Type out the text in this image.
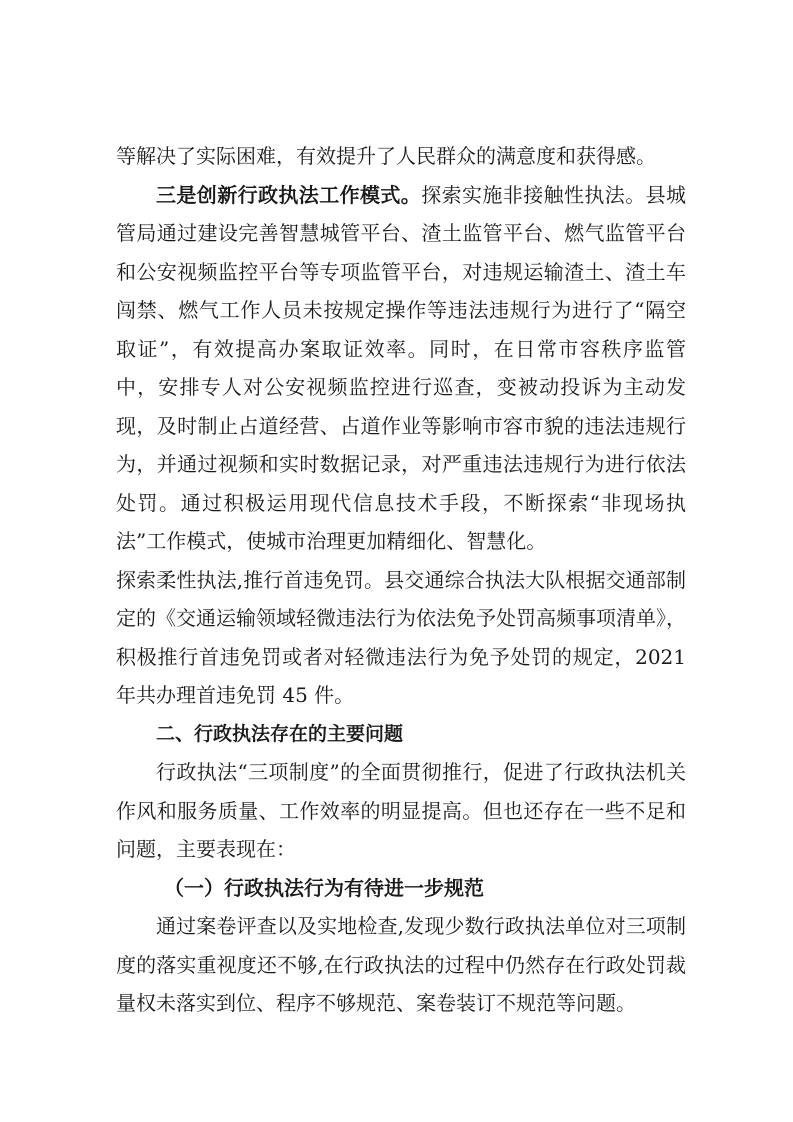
等解决了实际困难，有效提升了人民群众的满意度和获得感。

三是创新行政执法工作模式。探索实施非接触性执法。县城管局通过建设完善智慧城管平台、渣土监管平台、燃气监管平台和公安视频监控平台等专项监管平台，对违规运输渣土、渣土车闯禁、燃气工作人员未按规定操作等违法违规行为进行了“隔空取证”，有效提高办案取证效率。同时，在日常市容秩序监管中，安排专人对公安视频监控进行巡查，变被动投诉为主动发现，及时制止占道经营、占道作业等影响市容市貌的违法违规行为，并通过视频和实时数据记录，对严重违法违规行为进行依法处罚。通过积极运用现代信息技术手段，不断探索“非现场执法”工作模式，使城市治理更加精细化、智慧化。

探索柔性执法,推行首违免罚。县交通综合执法大队根据交通部制定的《交通运输领域轻微违法行为依法免予处罚高频事项清单》，积极推行首违免罚或者对轻微违法行为免予处罚的规定，2021 年共办理首违免罚 45 件。

二、行政执法存在的主要问题

行政执法“三项制度”的全面贯彻推行，促进了行政执法机关作风和服务质量、工作效率的明显提高。但也还存在一些不足和问题，主要表现在：

（一）行政执法行为有待进一步规范

通过案卷评查以及实地检查,发现少数行政执法单位对三项制度的落实重视度还不够,在行政执法的过程中仍然存在行政处罚裁量权未落实到位、程序不够规范、案卷装订不规范等问题。
